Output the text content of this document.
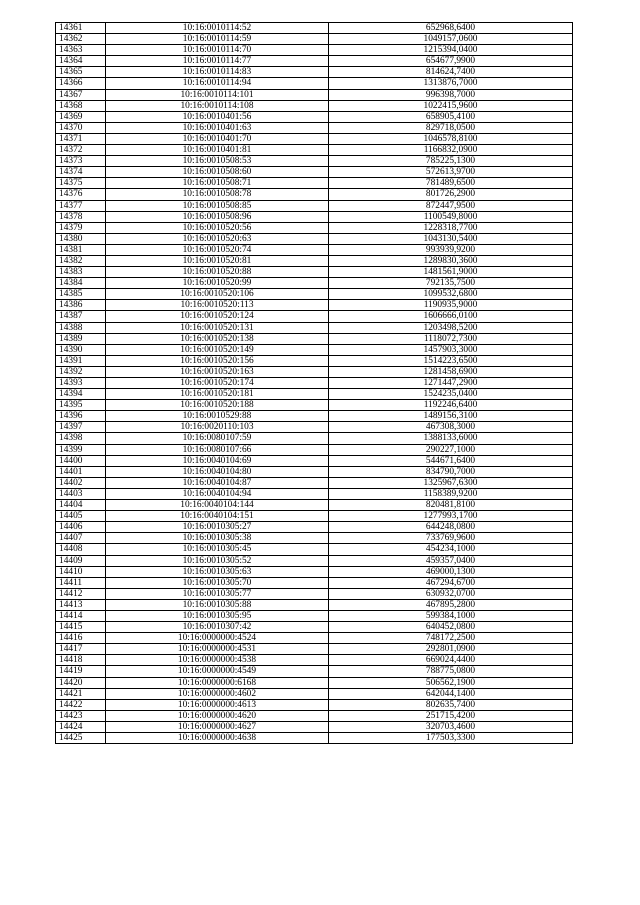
14361	10:16:0010114:52	652968,6400
14362	10:16:0010114:59	1049157,0600
14363	10:16:0010114:70	1215394,0400
14364	10:16:0010114:77	654677,9900
14365	10:16:0010114:83	814624,7400
14366	10:16:0010114:94	1313876,7000
14367	10:16:0010114:101	996398,7000
14368	10:16:0010114:108	1022415,9600
14369	10:16:0010401:56	658905,4100
14370	10:16:0010401:63	829718,0500
14371	10:16:0010401:70	1046578,8100
14372	10:16:0010401:81	1166832,0900
14373	10:16:0010508:53	785225,1300
14374	10:16:0010508:60	572613,9700
14375	10:16:0010508:71	781489,6500
14376	10:16:0010508:78	801726,2900
14377	10:16:0010508:85	872447,9500
14378	10:16:0010508:96	1100549,8000
14379	10:16:0010520:56	1228318,7700
14380	10:16:0010520:63	1043130,5400
14381	10:16:0010520:74	993939,9200
14382	10:16:0010520:81	1289830,3600
14383	10:16:0010520:88	1481561,9000
14384	10:16:0010520:99	792135,7500
14385	10:16:0010520:106	1099532,6800
14386	10:16:0010520:113	1190935,9000
14387	10:16:0010520:124	1606666,0100
14388	10:16:0010520:131	1203498,5200
14389	10:16:0010520:138	1118072,7300
14390	10:16:0010520:149	1457903,3000
14391	10:16:0010520:156	1514223,6500
14392	10:16:0010520:163	1281458,6900
14393	10:16:0010520:174	1271447,2900
14394	10:16:0010520:181	1524235,0400
14395	10:16:0010520:188	1192246,6400
14396	10:16:0010529:88	1489156,3100
14397	10:16:0020110:103	467308,3000
14398	10:16:0080107:59	1388133,6000
14399	10:16:0080107:66	290227,1000
14400	10:16:0040104:69	544671,6400
14401	10:16:0040104:80	834790,7000
14402	10:16:0040104:87	1325967,6300
14403	10:16:0040104:94	1158389,9200
14404	10:16:0040104:144	820481,8100
14405	10:16:0040104:151	1277993,1700
14406	10:16:0010305:27	644248,0800
14407	10:16:0010305:38	733769,9600
14408	10:16:0010305:45	454234,1000
14409	10:16:0010305:52	459357,0400
14410	10:16:0010305:63	469000,1300
14411	10:16:0010305:70	467294,6700
14412	10:16:0010305:77	630932,0700
14413	10:16:0010305:88	467895,2800
14414	10:16:0010305:95	599384,1000
14415	10:16:0010307:42	640452,0800
14416	10:16:0000000:4524	748172,2500
14417	10:16:0000000:4531	292801,0900
14418	10:16:0000000:4538	669024,4400
14419	10:16:0000000:4549	788775,0800
14420	10:16:0000000:6168	506562,1900
14421	10:16:0000000:4602	642044,1400
14422	10:16:0000000:4613	802635,7400
14423	10:16:0000000:4620	251715,4200
14424	10:16:0000000:4627	320703,4600
14425	10:16:0000000:4638	177503,3300
